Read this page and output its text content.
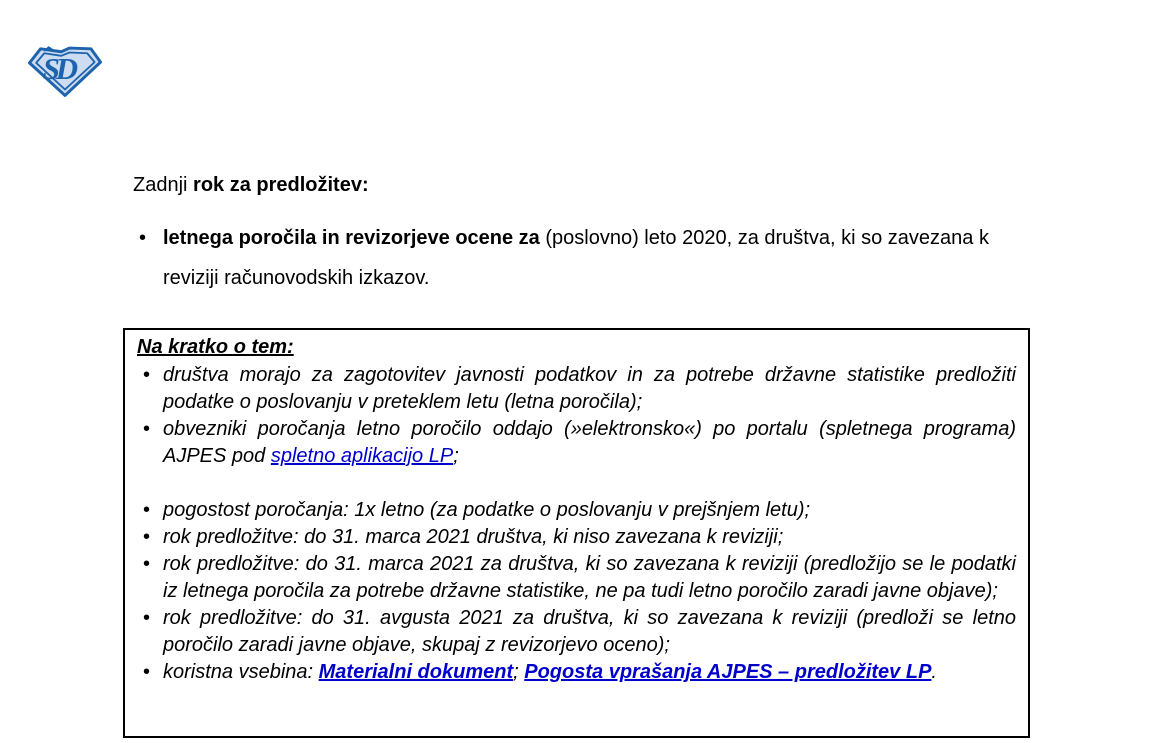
SD
Zadnji rok za predložitev:
• letnega poročila in revizorjeve ocene za (poslovno) leto 2020, za društva, ki so zavezana k reviziji računovodskih izkazov.
Na kratko o tem:
• društva morajo za zagotovitev javnosti podatkov in za potrebe državne statistike predložiti podatke o poslovanju v preteklem letu (letna poročila);
• obvezniki poročanja letno poročilo oddajo (»elektronsko«) po portalu (spletnega programa) AJPES pod spletno aplikacijo LP;
• pogostost poročanja: 1x letno (za podatke o poslovanju v prejšnjem letu);
• rok predložitve: do 31. marca 2021 društva, ki niso zavezana k reviziji;
• rok predložitve: do 31. marca 2021 za društva, ki so zavezana k reviziji (predložijo se le podatki iz letnega poročila za potrebe državne statistike, ne pa tudi letno poročilo zaradi javne objave);
• rok predložitve: do 31. avgusta 2021 za društva, ki so zavezana k reviziji (predloži se letno poročilo zaradi javne objave, skupaj z revizorjevo oceno);
• koristna vsebina: Materialni dokument; Pogosta vprašanja AJPES – predložitev LP.
